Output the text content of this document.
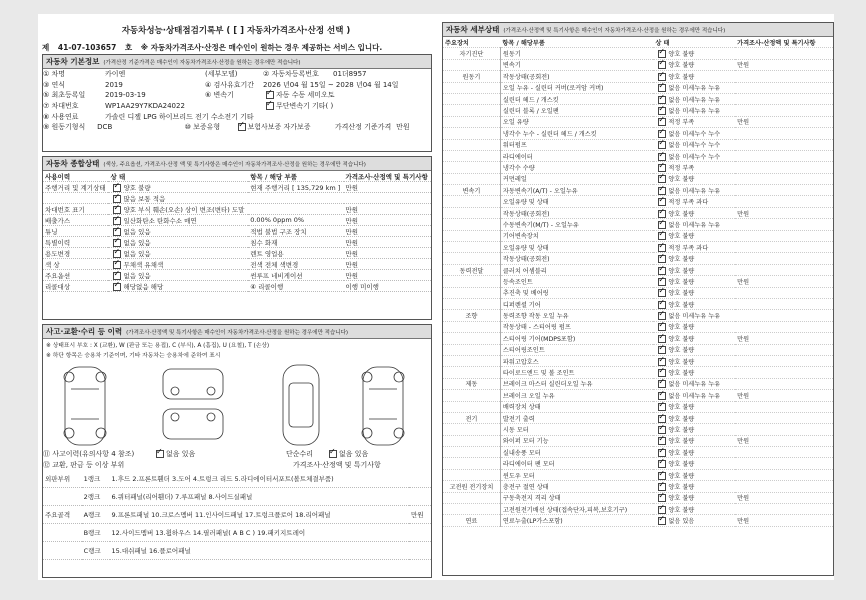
자동차성능·상태점검기록부 ( [ ] 자동차가격조사·산정 선택 )
제 41-07-103657 호 ※ 자동차가격조사·산정은 매수인이 원하는 경우 제공하는 서비스 입니다.
자동차 기본정보 (가격산정 기준가격은 매수인이 자동차가격조사·산정을 원하는 경우에만 적습니다)
① 차명	카이엔	(세부모델)	② 자동차등록번호	01더8957
③ 연식	2019	④ 검사유효기간	2026 년04 월 15일 ~ 2028 년04 월 14일
⑤ 최초등록일	2019-03-19	⑥ 변속기 ✓	자동 수동 세미오토
⑦ 차대번호	WP1AA29Y7KDA24022 ✓	무단변속기 기타( )
⑧ 사용연료	가솔린 디젤 LPG 하이브리드 전기 수소전기 기타
⑨ 원동기형식	DCB	⑩ 보증유형 ✓	보험사보증 자가보증	가격산정 기준가격 만원
자동차 종합상태 (색상, 주요옵션, 가격조사·산정 액 및 특기사항은 매수인이 자동차가격조사·산정을 원하는 경우에만 적습니다)
사용이력	상 태	항목 / 해당 부품	가격조사·산정액 및 특기사항
주행거리 및 계기상태	✓양호 불량	현재 주행거리 [ 135,729 km ]	만원
	✓많음 보통 적음		
차대번호 표기	✓양호 부식 훼손(오손) 상이 변조(변타) 도말		만원
배출가스	✓일산화탄소 탄화수소 매연	0.00% 0ppm 0%	만원
튜닝	✓없음 있음	적법 불법 구조 장치	만원
특별이력	✓없음 있음	침수 화재	만원
용도변경	✓없음 있음	렌트 영업용	만원
색 상	✓무채색 유채색	전색 전체 색변경	만원
주요옵션	✓없음 있음	썬루프 네비게이션	만원
리콜대상	✓해당없음 해당	④ 리콜이행	이행 미이행
사고·교환·수리 등 이력 (가격조사·산정액 및 특기사항은 매수인이 자동차가격조사·산정을 원하는 경우에만 적습니다)
※ 상태표시 부호 : X (교환), W (판금 또는 용접), C (부식), A (흠집), U (요철), T (손상)
※ 하단 항목은 승용차 기준이며, 기타 자동차는 승용차에 준하여 표시
⑪ 사고이력(유의사항 4 참조) ✓	없음 있음	단순수리 ✓	없음 있음
⑫ 교환, 판금 등 이상 부위	가격조사·산정액 및 특기사항
외판부위	1랭크	1.후드 2.프론트휀더 3.도어 4.트렁크 리드 5.라디에이터서포트(볼트체결부품)	
	2랭크	6.쿼터패널(리어휀더) 7.루프패널 8.사이드실패널	
주요골격	A랭크	9.프론트패널 10.크로스멤버 11.인사이드패널 17.트렁크플로어 18.리어패널	만원
	B랭크	12.사이드멤버 13.휠하우스 14.필러패널( A B C ) 19.패키지트레이	
	C랭크	15.대쉬패널 16.플로어패널	
자동차 세부상태 (가격조사·산정액 및 특기사항은 매수인이 자동차가격조사·산정을 원하는 경우에만 적습니다)
주요장치	항목 / 해당부품	상 태	가격조사·산정액 및 특기사항
자기진단	원동기	✓양호 불량	
	변속기	✓양호 불량	만원
원동기	작동상태(공회전)	✓양호 불량	
	오일 누유 - 실린더 커버(로커암 커버)	✓없음 미세누유 누유	
	실린더 헤드 / 개스킷	✓없음 미세누유 누유	
	실린더 블록 / 오일팬	✓없음 미세누유 누유	
	오일 유량	✓적정 부족	만원
	냉각수 누수 - 실린더 헤드 / 개스킷	✓없음 미세누수 누수	
	워터펌프	✓없음 미세누수 누수	
	라디에이터	✓없음 미세누수 누수	
	냉각수 수량	✓적정 부족	
	커먼레일	✓양호 불량	
변속기	자동변속기(A/T) - 오일누유	✓없음 미세누유 누유	
	오일유량 및 상태	✓적정 부족 과다	
	작동상태(공회전)	✓양호 불량	만원
	수동변속기(M/T) - 오일누유	✓없음 미세누유 누유	
	기어변속장치	✓양호 불량	
	오일유량 및 상태	✓적정 부족 과다	
	작동상태(공회전)	✓양호 불량	
동력전달	클러치 어셈블리	✓양호 불량	
	등속조인트	✓양호 불량	만원
	추진축 및 베어링	✓양호 불량	
	디퍼렌셜 기어	✓양호 불량	
조향	동력조향 작동 오일 누유	✓없음 미세누유 누유	
	작동상태 - 스티어링 펌프	✓양호 불량	
	스티어링 기어(MDPS포함)	✓양호 불량	만원
	스티어링조인트	✓양호 불량	
	파워고압호스	✓양호 불량	
	타이로드엔드 및 볼 조인트	✓양호 불량	
제동	브레이크 마스터 실린더오일 누유	✓없음 미세누유 누유	
	브레이크 오일 누유	✓없음 미세누유 누유	만원
	배력장치 상태	✓양호 불량	
전기	발전기 출력	✓양호 불량	
	시동 모터	✓양호 불량	
	와이퍼 모터 기능	✓양호 불량	만원
	실내송풍 모터	✓양호 불량	
	라디에이터 팬 모터	✓양호 불량	
	윈도우 모터	✓양호 불량	
고전원 전기장치	충전구 절연 상태	✓양호 불량	
	구동축전지 격리 상태	✓양호 불량	만원
	고전원전기배선 상태(접속단자,피복,보호기구)	✓양호 불량	
연료	연료누출(LP가스포함)	✓없음 있음	만원
